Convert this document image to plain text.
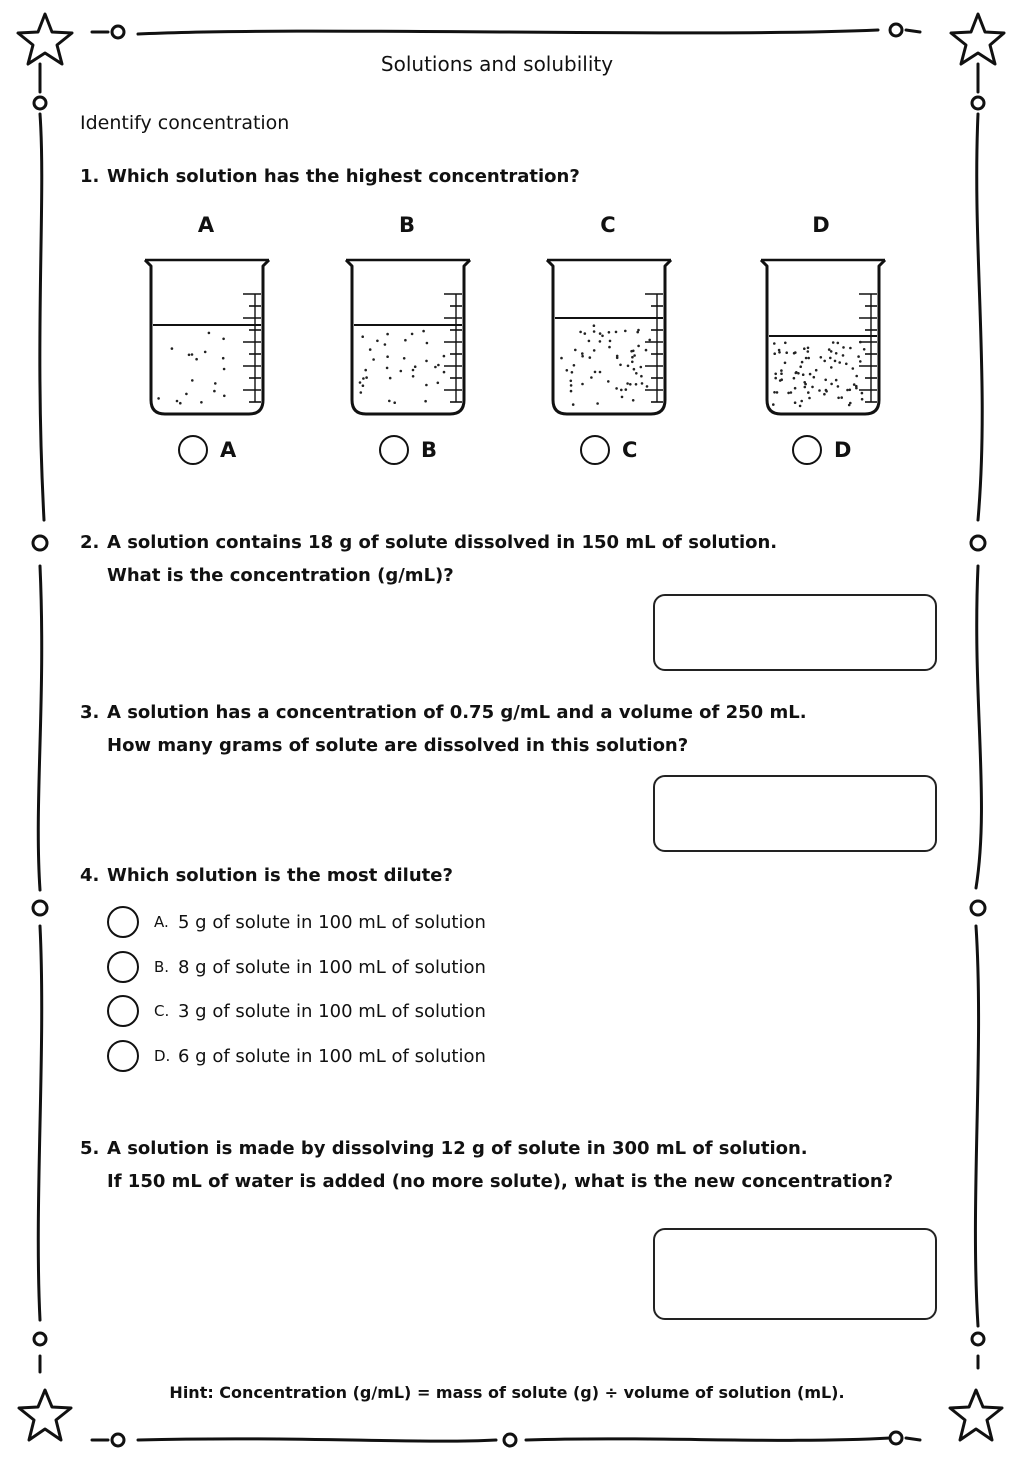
Solutions and solubility
Identify concentration
1. Which solution has the highest concentration?
A	B	C	D
A	B	C	D
2. A solution contains 18 g of solute dissolved in 150 mL of solution.
What is the concentration (g/mL)?
3. A solution has a concentration of 0.75 g/mL and a volume of 250 mL.
How many grams of solute are dissolved in this solution?
4. Which solution is the most dilute?
A. 5 g of solute in 100 mL of solution
B. 8 g of solute in 100 mL of solution
C. 3 g of solute in 100 mL of solution
D. 6 g of solute in 100 mL of solution
5. A solution is made by dissolving 12 g of solute in 300 mL of solution.
If 150 mL of water is added (no more solute), what is the new concentration?
Hint: Concentration (g/mL) = mass of solute (g) ÷ volume of solution (mL).
